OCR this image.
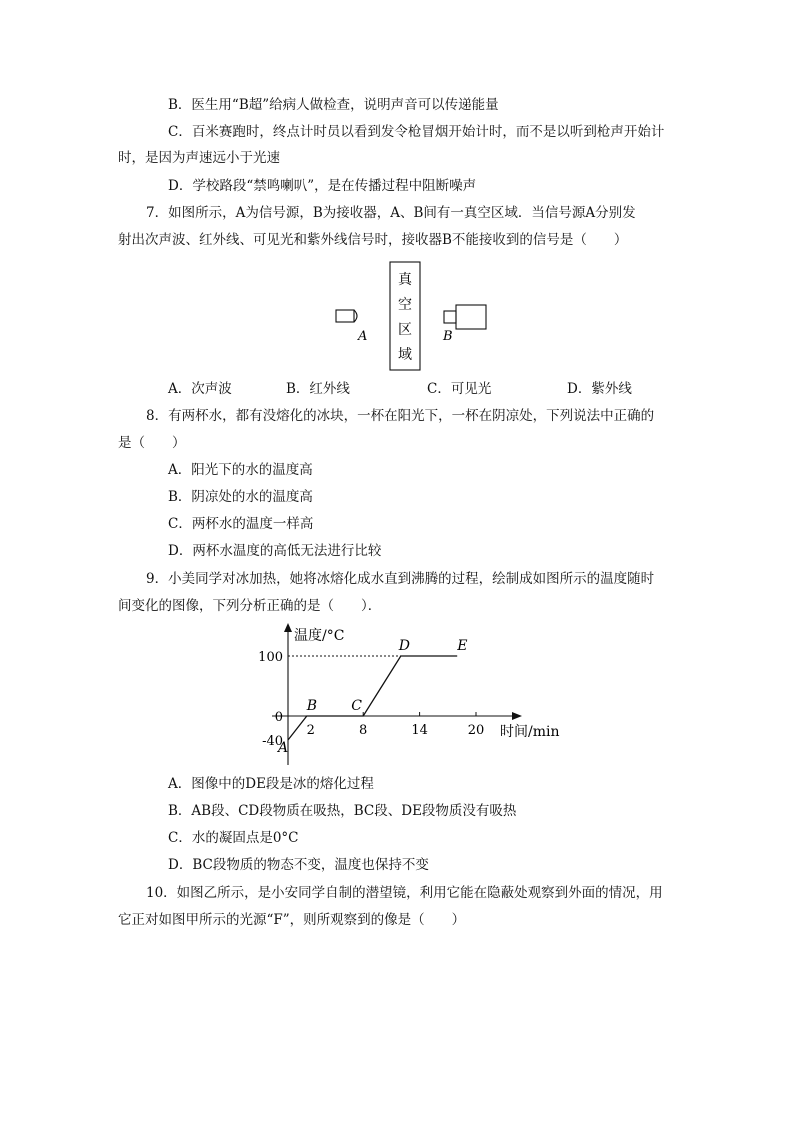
B．医生用“B超”给病人做检查，说明声音可以传递能量
C．百米赛跑时，终点计时员以看到发令枪冒烟开始计时，而不是以听到枪声开始计
时，是因为声速远小于光速
D．学校路段“禁鸣喇叭”，是在传播过程中阻断噪声
7．如图所示，A为信号源，B为接收器，A、B间有一真空区域．当信号源A分别发
射出次声波、红外线、可见光和紫外线信号时，接收器B不能接收到的信号是（　　）
A
真
空
区
域
B
A．次声波	B．红外线	C．可见光	D．紫外线
8．有两杯水，都有没熔化的冰块，一杯在阳光下，一杯在阴凉处，下列说法中正确的
是（　　）
A．阳光下的水的温度高
B．阴凉处的水的温度高
C．两杯水的温度一样高
D．两杯水温度的高低无法进行比较
9．小美同学对冰加热，她将冰熔化成水直到沸腾的过程，绘制成如图所示的温度随时
间变化的图像，下列分析正确的是（　　）．
2	8	14	20
100
0
-40
A
B C
D	E
温度/°C
时间/min
A．图像中的DE段是冰的熔化过程
B．AB段、CD段物质在吸热，BC段、DE段物质没有吸热
C．水的凝固点是0°C
D．BC段物质的物态不变，温度也保持不变
10．如图乙所示，是小安同学自制的潜望镜，利用它能在隐蔽处观察到外面的情况，用
它正对如图甲所示的光源“F”，则所观察到的像是（　　）
